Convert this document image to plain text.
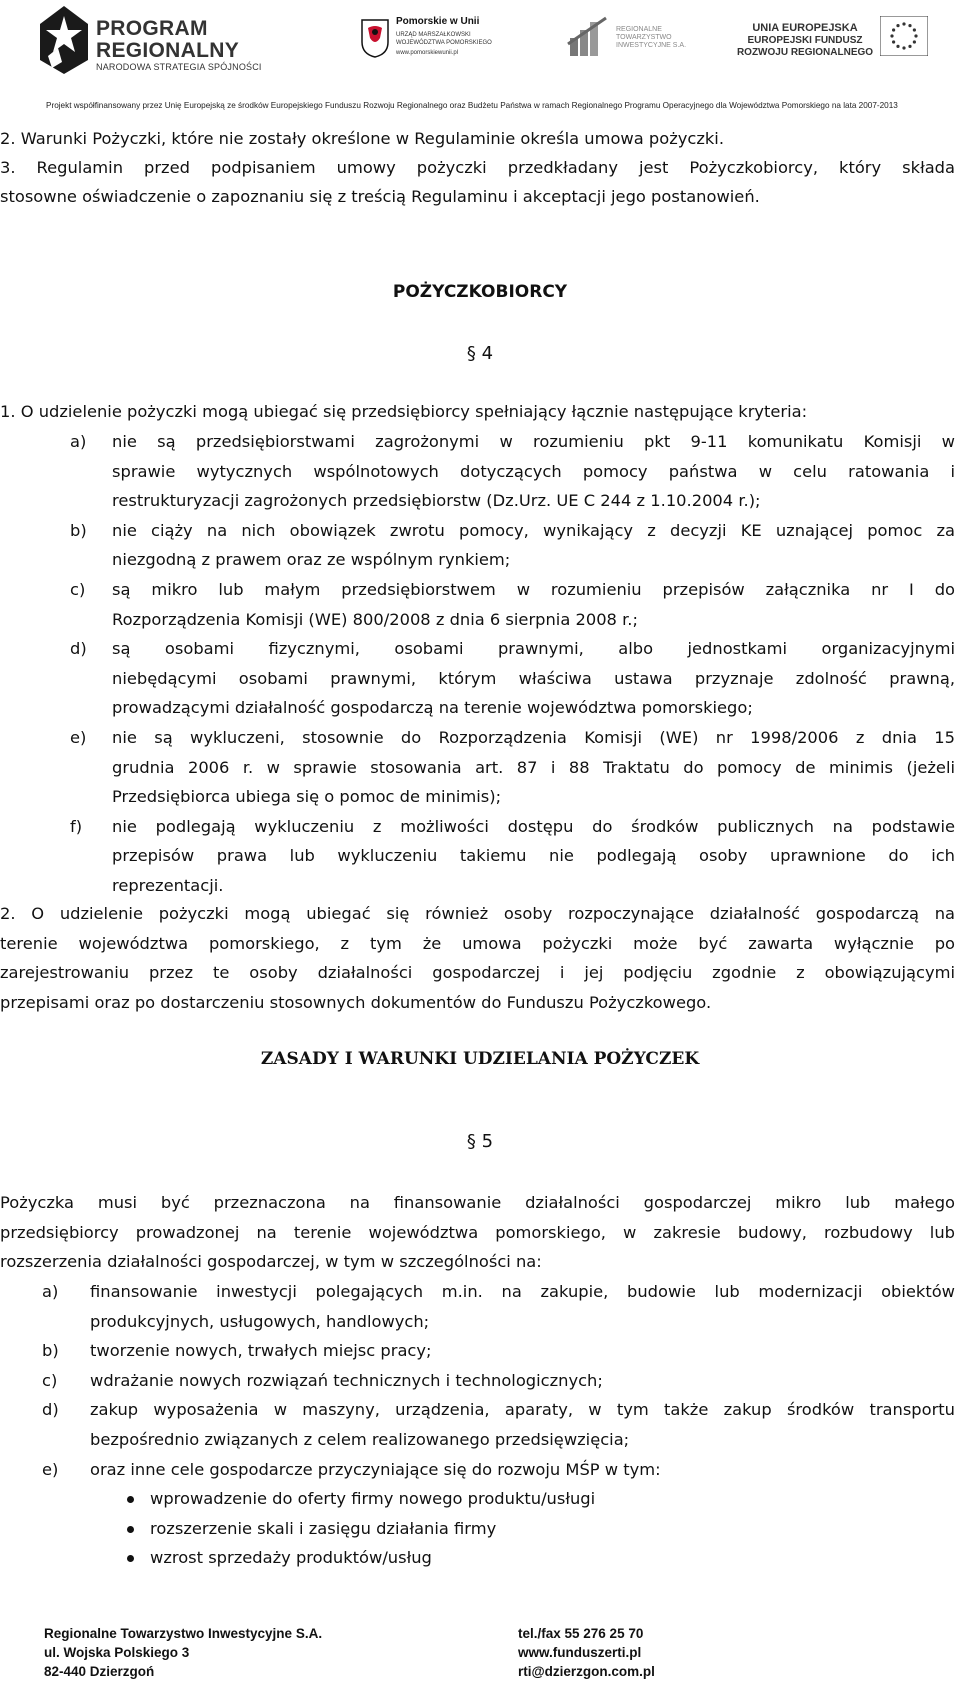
PROGRAM
REGIONALNY
NARODOWA STRATEGIA SPÓJNOŚCI
Pomorskie w Unii
URZĄD MARSZAŁKOWSKI
WOJEWÓDZTWA POMORSKIEGO
www.pomorskiewunii.pl
REGIONALNE
TOWARZYSTWO
INWESTYCYJNE S.A.
UNIA EUROPEJSKA
EUROPEJSKI FUNDUSZ
ROZWOJU REGIONALNEGO
Projekt współfinansowany przez Unię Europejską ze środków Europejskiego Funduszu Rozwoju Regionalnego oraz Budżetu Państwa w ramach Regionalnego Programu Operacyjnego dla Województwa Pomorskiego na lata 2007-2013
2. Warunki Pożyczki, które nie zostały określone w Regulaminie określa umowa pożyczki.
3. Regulamin przed podpisaniem umowy pożyczki przedkładany jest Pożyczkobiorcy, który składa
stosowne oświadczenie o zapoznaniu się z treścią Regulaminu i akceptacji jego postanowień.
POŻYCZKOBIORCY
§ 4
1. O udzielenie pożyczki mogą ubiegać się przedsiębiorcy spełniający łącznie następujące kryteria:
a) nie są przedsiębiorstwami zagrożonymi w rozumieniu pkt 9-11 komunikatu Komisji w
sprawie wytycznych wspólnotowych dotyczących pomocy państwa w celu ratowania i
restrukturyzacji zagrożonych przedsiębiorstw (Dz.Urz. UE C 244 z 1.10.2004 r.);
b) nie ciąży na nich obowiązek zwrotu pomocy, wynikający z decyzji KE uznającej pomoc za
niezgodną z prawem oraz ze wspólnym rynkiem;
c) są mikro lub małym przedsiębiorstwem w rozumieniu przepisów załącznika nr I do
Rozporządzenia Komisji (WE) 800/2008 z dnia 6 sierpnia 2008 r.;
d) są osobami fizycznymi, osobami prawnymi, albo jednostkami organizacyjnymi
niebędącymi osobami prawnymi, którym właściwa ustawa przyznaje zdolność prawną,
prowadzącymi działalność gospodarczą na terenie województwa pomorskiego;
e) nie są wykluczeni, stosownie do Rozporządzenia Komisji (WE) nr 1998/2006 z dnia 15
grudnia 2006 r. w sprawie stosowania art. 87 i 88 Traktatu do pomocy de minimis (jeżeli
Przedsiębiorca ubiega się o pomoc de minimis);
f) nie podlegają wykluczeniu z możliwości dostępu do środków publicznych na podstawie
przepisów prawa lub wykluczeniu takiemu nie podlegają osoby uprawnione do ich
reprezentacji.
2. O udzielenie pożyczki mogą ubiegać się również osoby rozpoczynające działalność gospodarczą na
terenie województwa pomorskiego, z tym że umowa pożyczki może być zawarta wyłącznie po
zarejestrowaniu przez te osoby działalności gospodarczej i jej podjęciu zgodnie z obowiązującymi
przepisami oraz po dostarczeniu stosownych dokumentów do Funduszu Pożyczkowego.
ZASADY I WARUNKI UDZIELANIA POŻYCZEK
§ 5
Pożyczka musi być przeznaczona na finansowanie działalności gospodarczej mikro lub małego
przedsiębiorcy prowadzonej na terenie województwa pomorskiego, w zakresie budowy, rozbudowy lub
rozszerzenia działalności gospodarczej, w tym w szczególności na:
a) finansowanie inwestycji polegających m.in. na zakupie, budowie lub modernizacji obiektów
produkcyjnych, usługowych, handlowych;
b) tworzenie nowych, trwałych miejsc pracy;
c) wdrażanie nowych rozwiązań technicznych i technologicznych;
d) zakup wyposażenia w maszyny, urządzenia, aparaty, w tym także zakup środków transportu
bezpośrednio związanych z celem realizowanego przedsięwzięcia;
e) oraz inne cele gospodarcze przyczyniające się do rozwoju MŚP w tym:
wprowadzenie do oferty firmy nowego produktu/usługi
rozszerzenie skali i zasięgu działania firmy
wzrost sprzedaży produktów/usług
Regionalne Towarzystwo Inwestycyjne S.A.
ul. Wojska Polskiego 3
82-440 Dzierzgoń
tel./fax 55 276 25 70
www.funduszerti.pl
rti@dzierzgon.com.pl
